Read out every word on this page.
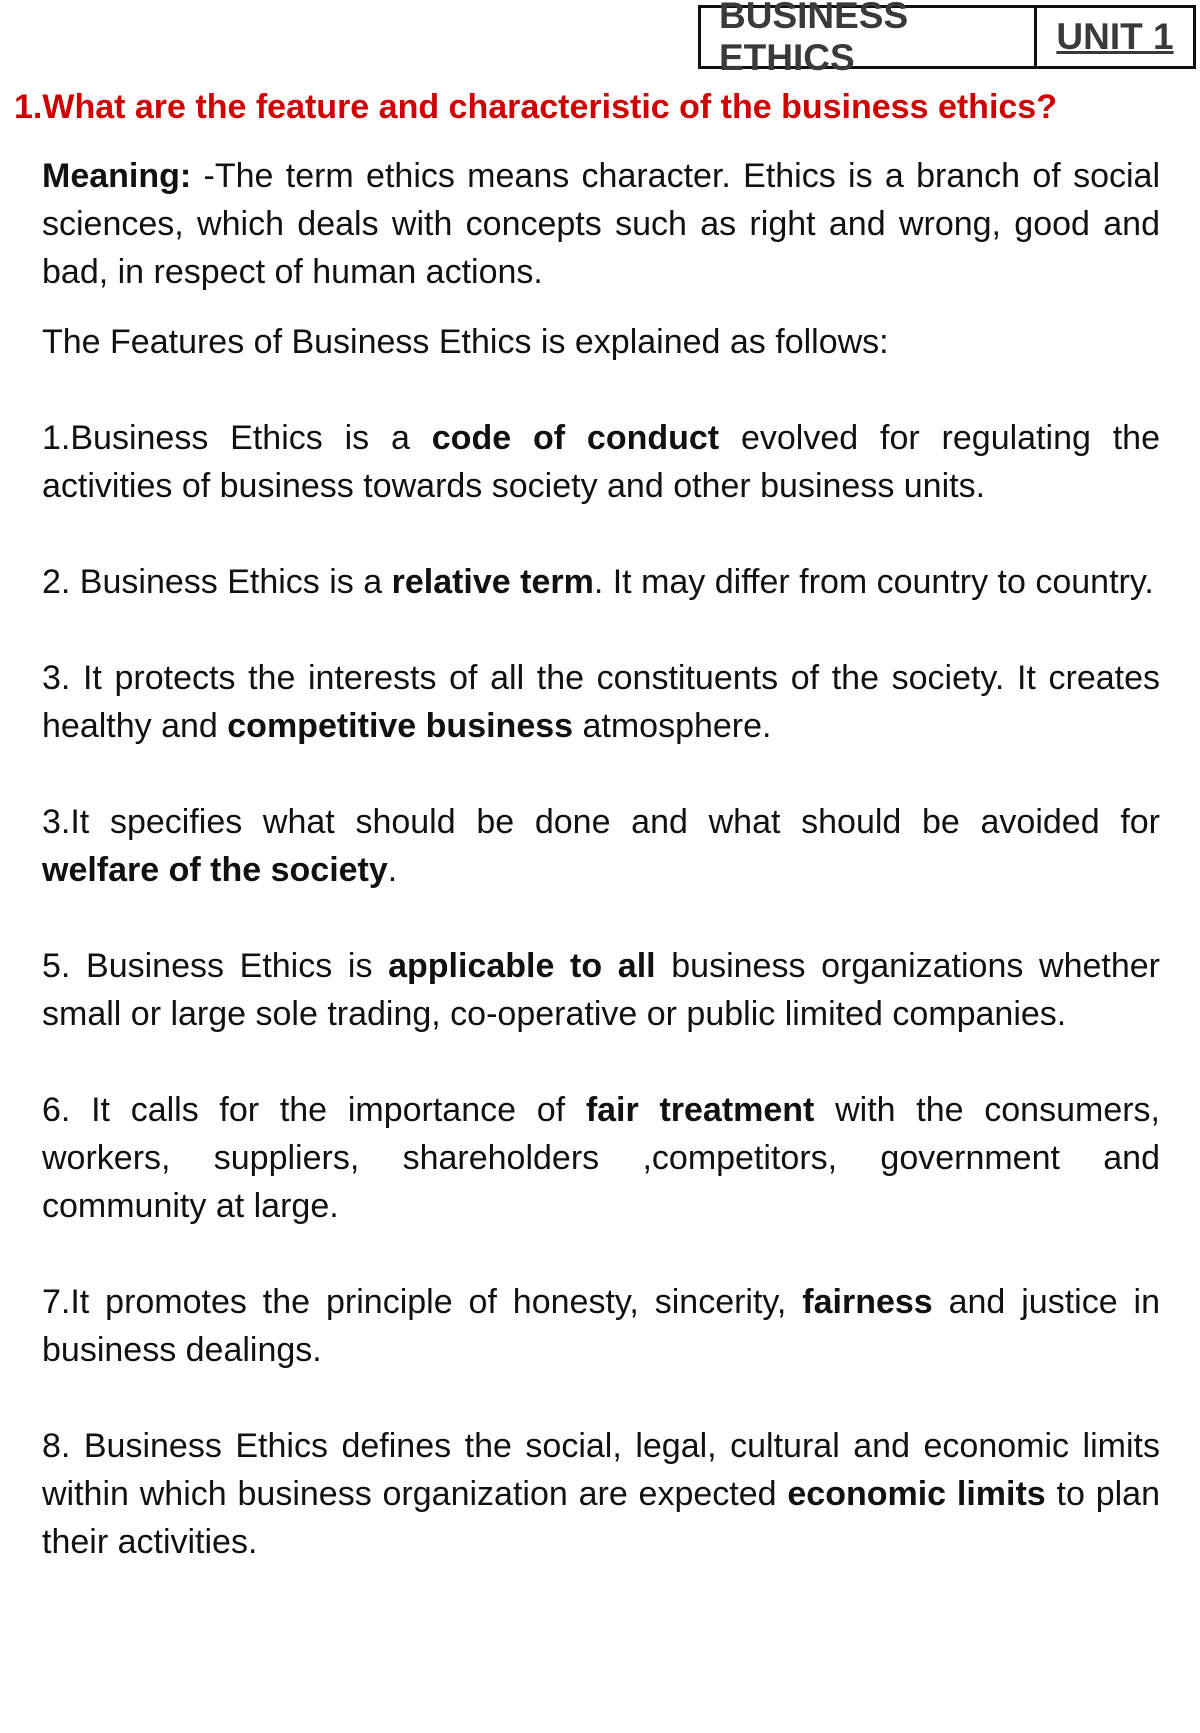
BUSINESS ETHICS
UNIT 1
1.What are the feature and characteristic of the business ethics?

Meaning: -The term ethics means character. Ethics is a branch of social sciences, which deals with concepts such as right and wrong, good and bad, in respect of human actions.

The Features of Business Ethics is explained as follows:

1.Business Ethics is a code of conduct evolved for regulating the activities of business towards society and other business units.

2. Business Ethics is a relative term. It may differ from country to country.

3. It protects the interests of all the constituents of the society. It creates healthy and competitive business atmosphere.

3.It specifies what should be done and what should be avoided for welfare of the society.

5. Business Ethics is applicable to all business organizations whether small or large sole trading, co-operative or public limited companies.

6. It calls for the importance of fair treatment with the consumers, workers, suppliers, shareholders ,competitors, government and community at large.

7.It promotes the principle of honesty, sincerity, fairness and justice in business dealings.

8. Business Ethics defines the social, legal, cultural and economic limits within which business organization are expected economic limits to plan their activities.
